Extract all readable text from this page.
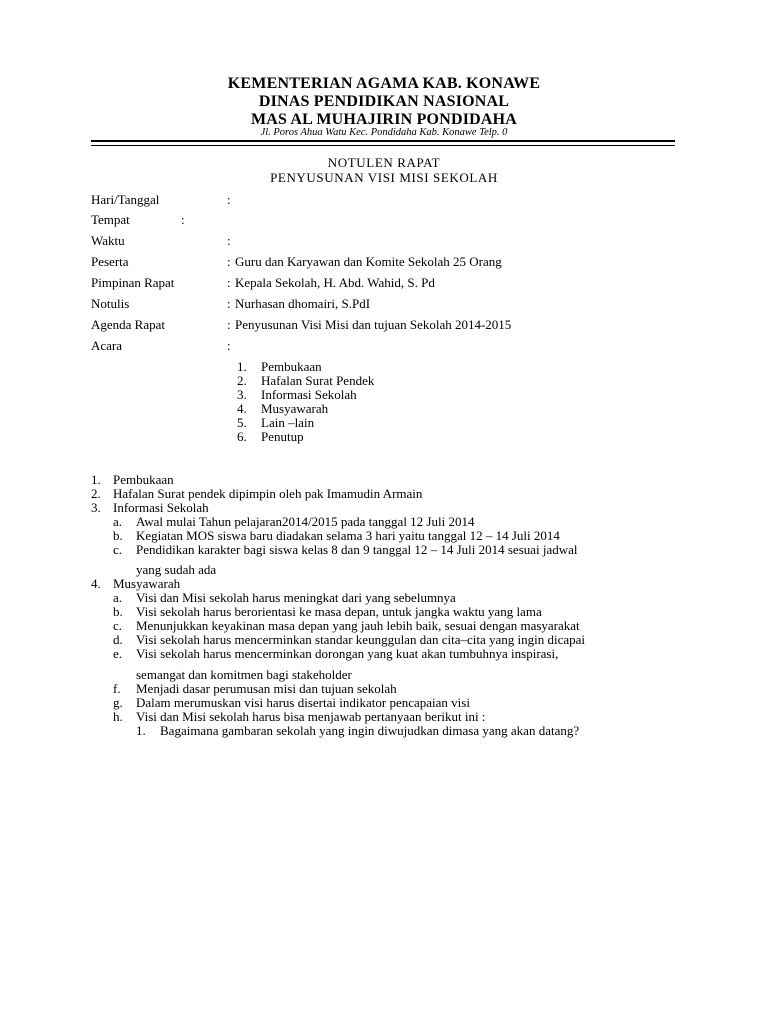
KEMENTERIAN AGAMA KAB. KONAWE
DINAS PENDIDIKAN NASIONAL
MAS AL MUHAJIRIN PONDIDAHA
Jl. Poros Ahua Watu Kec. Pondidaha Kab. Konawe Telp. 0
NOTULEN RAPAT
PENYUSUNAN VISI MISI SEKOLAH
Hari/Tanggal	:
Tempat	:
Waktu	:
Peserta	: Guru dan Karyawan dan Komite Sekolah 25 Orang
Pimpinan Rapat	: Kepala Sekolah, H. Abd. Wahid, S. Pd
Notulis	: Nurhasan dhomairi, S.PdI
Agenda Rapat	: Penyusunan Visi Misi dan tujuan Sekolah 2014-2015
Acara	:
1. Pembukaan
2. Hafalan Surat Pendek
3. Informasi Sekolah
4. Musyawarah
5. Lain –lain
6. Penutup
1. Pembukaan
2. Hafalan Surat pendek dipimpin oleh pak Imamudin Armain
3. Informasi Sekolah
a. Awal mulai Tahun pelajaran2014/2015 pada tanggal 12 Juli 2014
b. Kegiatan MOS siswa baru diadakan selama 3 hari yaitu tanggal 12 – 14 Juli 2014
c. Pendidikan karakter bagi siswa kelas 8 dan 9 tanggal 12 – 14 Juli 2014 sesuai jadwal
yang sudah ada
4. Musyawarah
a. Visi dan Misi sekolah harus meningkat dari yang sebelumnya
b. Visi sekolah harus berorientasi ke masa depan, untuk jangka waktu yang lama
c. Menunjukkan keyakinan masa depan yang jauh lebih baik, sesuai dengan masyarakat
d. Visi sekolah harus mencerminkan standar keunggulan dan cita–cita yang ingin dicapai
e. Visi sekolah harus mencerminkan dorongan yang kuat akan tumbuhnya inspirasi,
semangat dan komitmen bagi stakeholder
f. Menjadi dasar perumusan misi dan tujuan sekolah
g. Dalam merumuskan visi harus disertai indikator pencapaian visi
h. Visi dan Misi sekolah harus bisa menjawab pertanyaan berikut ini :
1. Bagaimana gambaran sekolah yang ingin diwujudkan dimasa yang akan datang?
